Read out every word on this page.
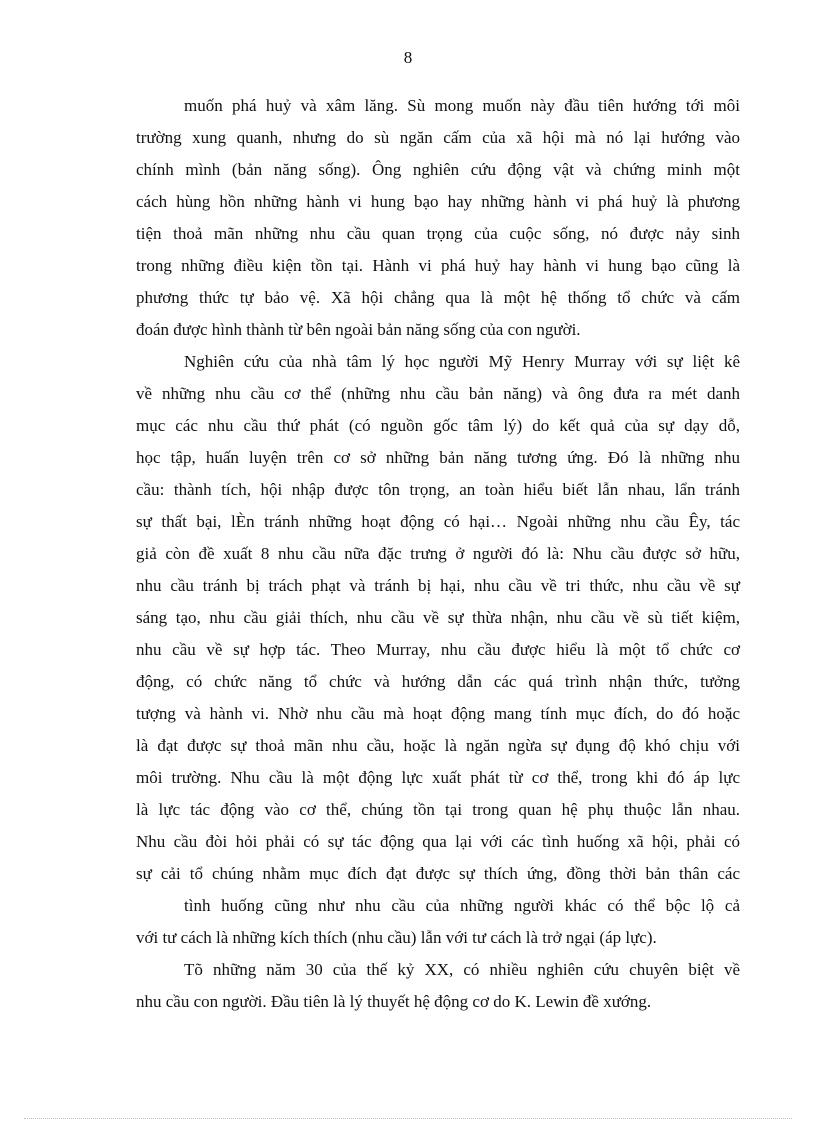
8
muốn phá huỷ và xâm lăng. Sù mong muốn này đầu tiên hướng tới môi
trường xung quanh, nhưng do sù ngăn cấm của xã hội mà nó lại hướng vào
chính mình (bản năng sống). Ông nghiên cứu động vật và chứng minh một
cách hùng hồn những hành vi hung bạo hay những hành vi phá huỷ là phương
tiện thoả mãn những nhu cầu quan trọng của cuộc sống, nó được nảy sinh
trong những điều kiện tồn tại. Hành vi phá huỷ hay hành vi hung bạo cũng là
phương thức tự bảo vệ. Xã hội chẳng qua là một hệ thống tổ chức và cấm
đoán được hình thành từ bên ngoài bản năng sống của con người.
Nghiên cứu của nhà tâm lý học người Mỹ Henry Murray với sự liệt kê
về những nhu cầu cơ thể (những nhu cầu bản năng) và ông đưa ra mét danh
mục các nhu cầu thứ phát (có nguồn gốc tâm lý) do kết quả của sự dạy dỗ,
học tập, huấn luyện trên cơ sở những bản năng tương ứng. Đó là những nhu
cầu: thành tích, hội nhập được tôn trọng, an toàn hiểu biết lẫn nhau, lẩn tránh
sự thất bại, lÈn tránh những hoạt động có hại… Ngoài những nhu cầu Êy, tác
giả còn đề xuất 8 nhu cầu nữa đặc trưng ở người đó là: Nhu cầu được sở hữu,
nhu cầu tránh bị trách phạt và tránh bị hại, nhu cầu về tri thức, nhu cầu về sự
sáng tạo, nhu cầu giải thích, nhu cầu về sự thừa nhận, nhu cầu về sù tiết kiệm,
nhu cầu về sự hợp tác. Theo Murray, nhu cầu được hiểu là một tổ chức cơ
động, có chức năng tổ chức và hướng dẫn các quá trình nhận thức, tưởng
tượng và hành vi. Nhờ nhu cầu mà hoạt động mang tính mục đích, do đó hoặc
là đạt được sự thoả mãn nhu cầu, hoặc là ngăn ngừa sự đụng độ khó chịu với
môi trường. Nhu cầu là một động lực xuất phát từ cơ thể, trong khi đó áp lực
là lực tác động vào cơ thể, chúng tồn tại trong quan hệ phụ thuộc lẫn nhau.
Nhu cầu đòi hỏi phải có sự tác động qua lại với các tình huống xã hội, phải có
sự cải tổ chúng nhằm mục đích đạt được sự thích ứng, đồng thời bản thân các
tình huống cũng như nhu cầu của những người khác có thể bộc lộ cả
với tư cách là những kích thích (nhu cầu) lẫn với tư cách là trở ngại (áp lực).
Tõ những năm 30 của thế kỷ XX, có nhiều nghiên cứu chuyên biệt về
nhu cầu con người. Đầu tiên là lý thuyết hệ động cơ do K. Lewin đề xướng.
